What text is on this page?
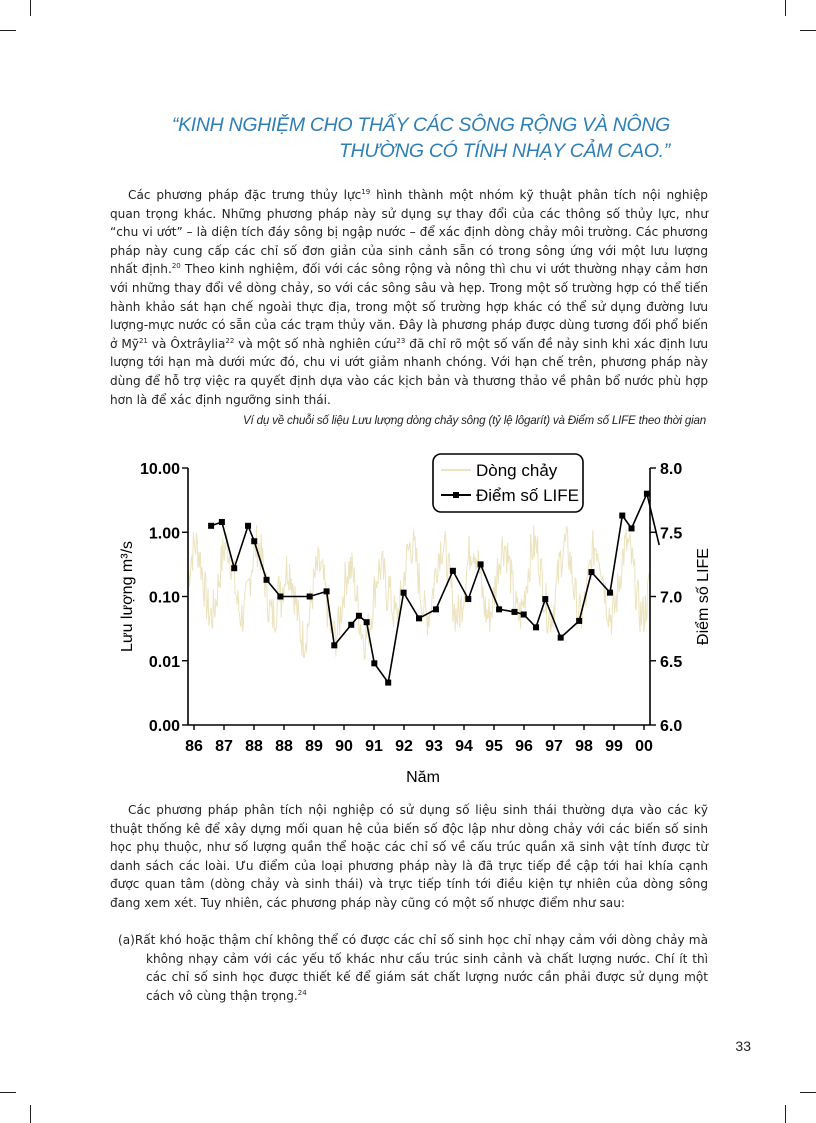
“KINH NGHIỆM CHO THẤY CÁC SÔNG RỘNG VÀ NÔNG
THƯỜNG CÓ TÍNH NHẠY CẢM CAO.”

Các phương pháp đặc trưng thủy lực$^{19}$ hình thành một nhóm kỹ thuật phân tích nội nghiệp quan trọng khác. Những phương pháp này sử dụng sự thay đổi của các thông số thủy lực, như “chu vi ướt” – là diện tích đáy sông bị ngập nước – để xác định dòng chảy môi trường. Các phương pháp này cung cấp các chỉ số đơn giản của sinh cảnh sẵn có trong sông ứng với một lưu lượng nhất định.$^{20}$ Theo kinh nghiệm, đối với các sông rộng và nông thì chu vi ướt thường nhạy cảm hơn với những thay đổi về dòng chảy, so với các sông sâu và hẹp. Trong một số trường hợp có thể tiến hành khảo sát hạn chế ngoài thực địa, trong một số trường hợp khác có thể sử dụng đường lưu lượng-mực nước có sẵn của các trạm thủy văn. Đây là phương pháp được dùng tương đối phổ biến ở Mỹ$^{21}$ và Ôxtrâylia$^{22}$ và một số nhà nghiên cứu$^{23}$ đã chỉ rõ một số vấn đề nảy sinh khi xác định lưu lượng tới hạn mà dưới mức đó, chu vi ướt giảm nhanh chóng. Với hạn chế trên, phương pháp này dùng để hỗ trợ việc ra quyết định dựa vào các kịch bản và thương thảo về phân bổ nước phù hợp hơn là để xác định ngưỡng sinh thái.

Ví dụ về chuỗi số liệu Lưu lượng dòng chảy sông (tỷ lệ lôgarít) và Điểm số LIFE theo thời gian
10.00
1.00
0.10
0.01
0.00
8.0
7.5
7.0
6.5
6.0
86 87 88 88 89 90 91 92 93 94 95 96 97 98 99 00
Năm
Lưu lượng m³/s	Điểm số LIFE
Dòng chảy
Điểm số LIFE

Các phương pháp phân tích nội nghiệp có sử dụng số liệu sinh thái thường dựa vào các kỹ thuật thống kê để xây dựng mối quan hệ của biến số độc lập như dòng chảy với các biến số sinh học phụ thuộc, như số lượng quần thể hoặc các chỉ số về cấu trúc quần xã sinh vật tính được từ danh sách các loài. Ưu điểm của loại phương pháp này là đã trực tiếp đề cập tới hai khía cạnh được quan tâm (dòng chảy và sinh thái) và trực tiếp tính tới điều kiện tự nhiên của dòng sông đang xem xét. Tuy nhiên, các phương pháp này cũng có một số nhược điểm như sau:

(a)Rất khó hoặc thậm chí không thể có được các chỉ số sinh học chỉ nhạy cảm với dòng chảy mà không nhạy cảm với các yếu tố khác như cấu trúc sinh cảnh và chất lượng nước. Chí ít thì các chỉ số sinh học được thiết kế để giám sát chất lượng nước cần phải được sử dụng một cách vô cùng thận trọng.$^{24}$
33
